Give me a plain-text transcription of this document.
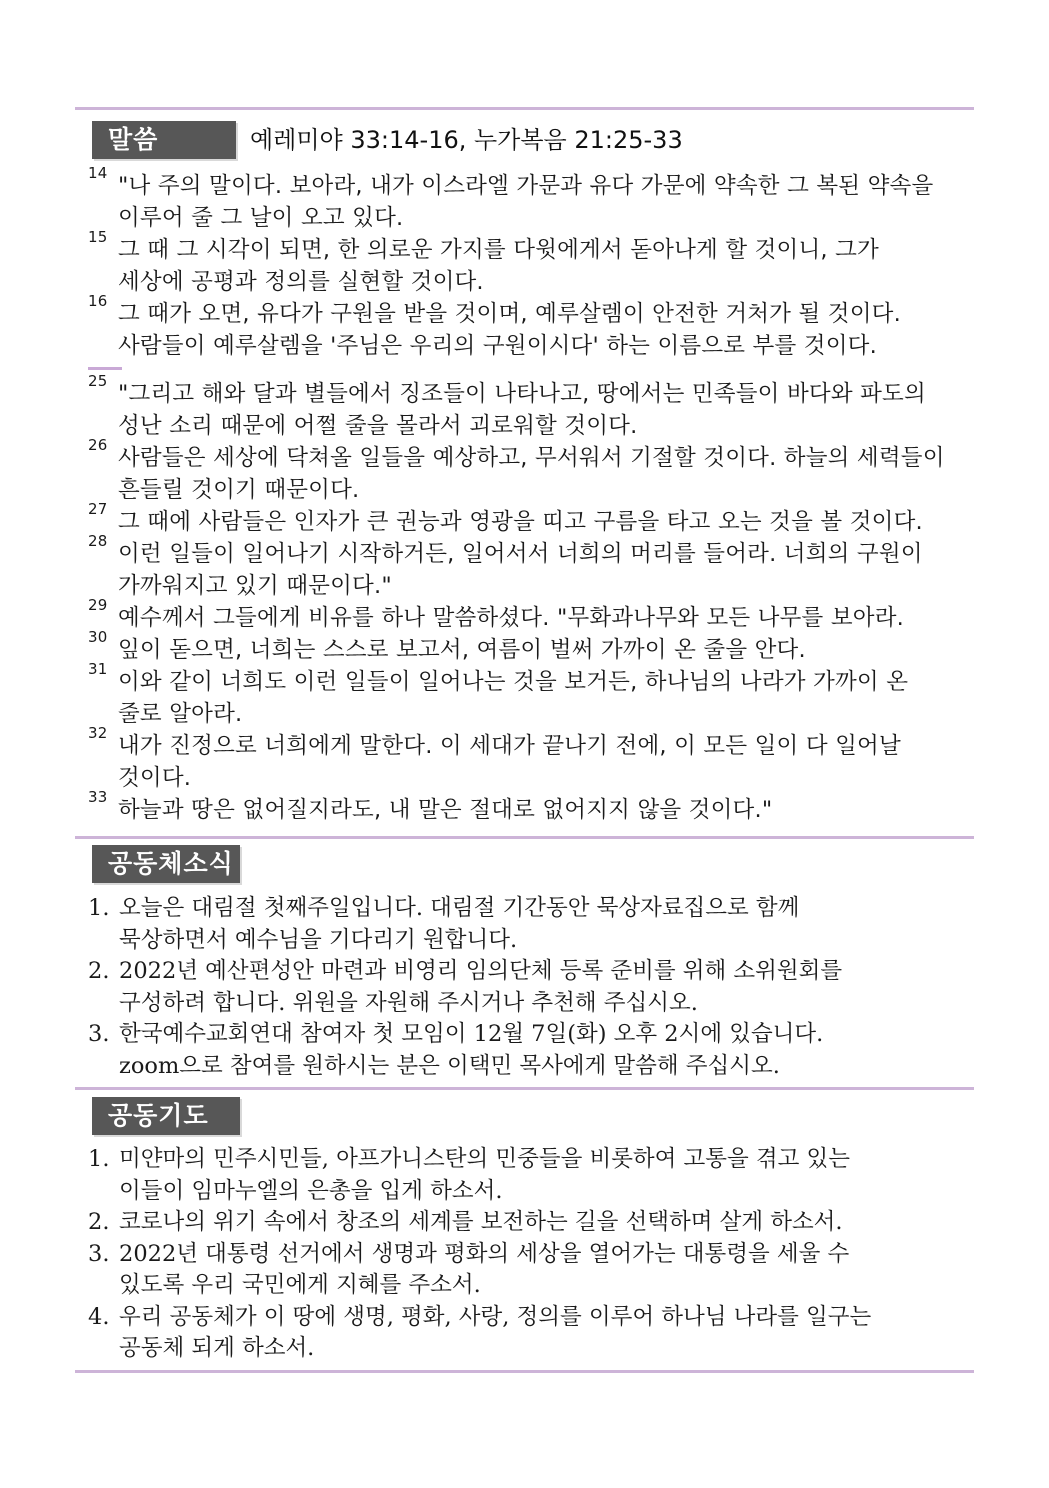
말씀	예레미야 33:14-16, 누가복음 21:25-33
14 "나 주의 말이다. 보아라, 내가 이스라엘 가문과 유다 가문에 약속한 그 복된 약속을
이루어 줄 그 날이 오고 있다.
15 그 때 그 시각이 되면, 한 의로운 가지를 다윗에게서 돋아나게 할 것이니, 그가
세상에 공평과 정의를 실현할 것이다.
16 그 때가 오면, 유다가 구원을 받을 것이며, 예루살렘이 안전한 거처가 될 것이다.
사람들이 예루살렘을 '주님은 우리의 구원이시다' 하는 이름으로 부를 것이다.
25 "그리고 해와 달과 별들에서 징조들이 나타나고, 땅에서는 민족들이 바다와 파도의
성난 소리 때문에 어쩔 줄을 몰라서 괴로워할 것이다.
26 사람들은 세상에 닥쳐올 일들을 예상하고, 무서워서 기절할 것이다. 하늘의 세력들이
흔들릴 것이기 때문이다.
27 그 때에 사람들은 인자가 큰 권능과 영광을 띠고 구름을 타고 오는 것을 볼 것이다.
28 이런 일들이 일어나기 시작하거든, 일어서서 너희의 머리를 들어라. 너희의 구원이
가까워지고 있기 때문이다."
29 예수께서 그들에게 비유를 하나 말씀하셨다. "무화과나무와 모든 나무를 보아라.
30 잎이 돋으면, 너희는 스스로 보고서, 여름이 벌써 가까이 온 줄을 안다.
31 이와 같이 너희도 이런 일들이 일어나는 것을 보거든, 하나님의 나라가 가까이 온
줄로 알아라.
32 내가 진정으로 너희에게 말한다. 이 세대가 끝나기 전에, 이 모든 일이 다 일어날
것이다.
33 하늘과 땅은 없어질지라도, 내 말은 절대로 없어지지 않을 것이다."
공동체소식
1. 오늘은 대림절 첫째주일입니다. 대림절 기간동안 묵상자료집으로 함께
묵상하면서 예수님을 기다리기 원합니다.
2. 2022년 예산편성안 마련과 비영리 임의단체 등록 준비를 위해 소위원회를
구성하려 합니다. 위원을 자원해 주시거나 추천해 주십시오.
3. 한국예수교회연대 참여자 첫 모임이 12월 7일(화) 오후 2시에 있습니다.
zoom으로 참여를 원하시는 분은 이택민 목사에게 말씀해 주십시오.
공동기도
1. 미얀마의 민주시민들, 아프가니스탄의 민중들을 비롯하여 고통을 겪고 있는
이들이 임마누엘의 은총을 입게 하소서.
2. 코로나의 위기 속에서 창조의 세계를 보전하는 길을 선택하며 살게 하소서.
3. 2022년 대통령 선거에서 생명과 평화의 세상을 열어가는 대통령을 세울 수
있도록 우리 국민에게 지혜를 주소서.
4. 우리 공동체가 이 땅에 생명, 평화, 사랑, 정의를 이루어 하나님 나라를 일구는
공동체 되게 하소서.
